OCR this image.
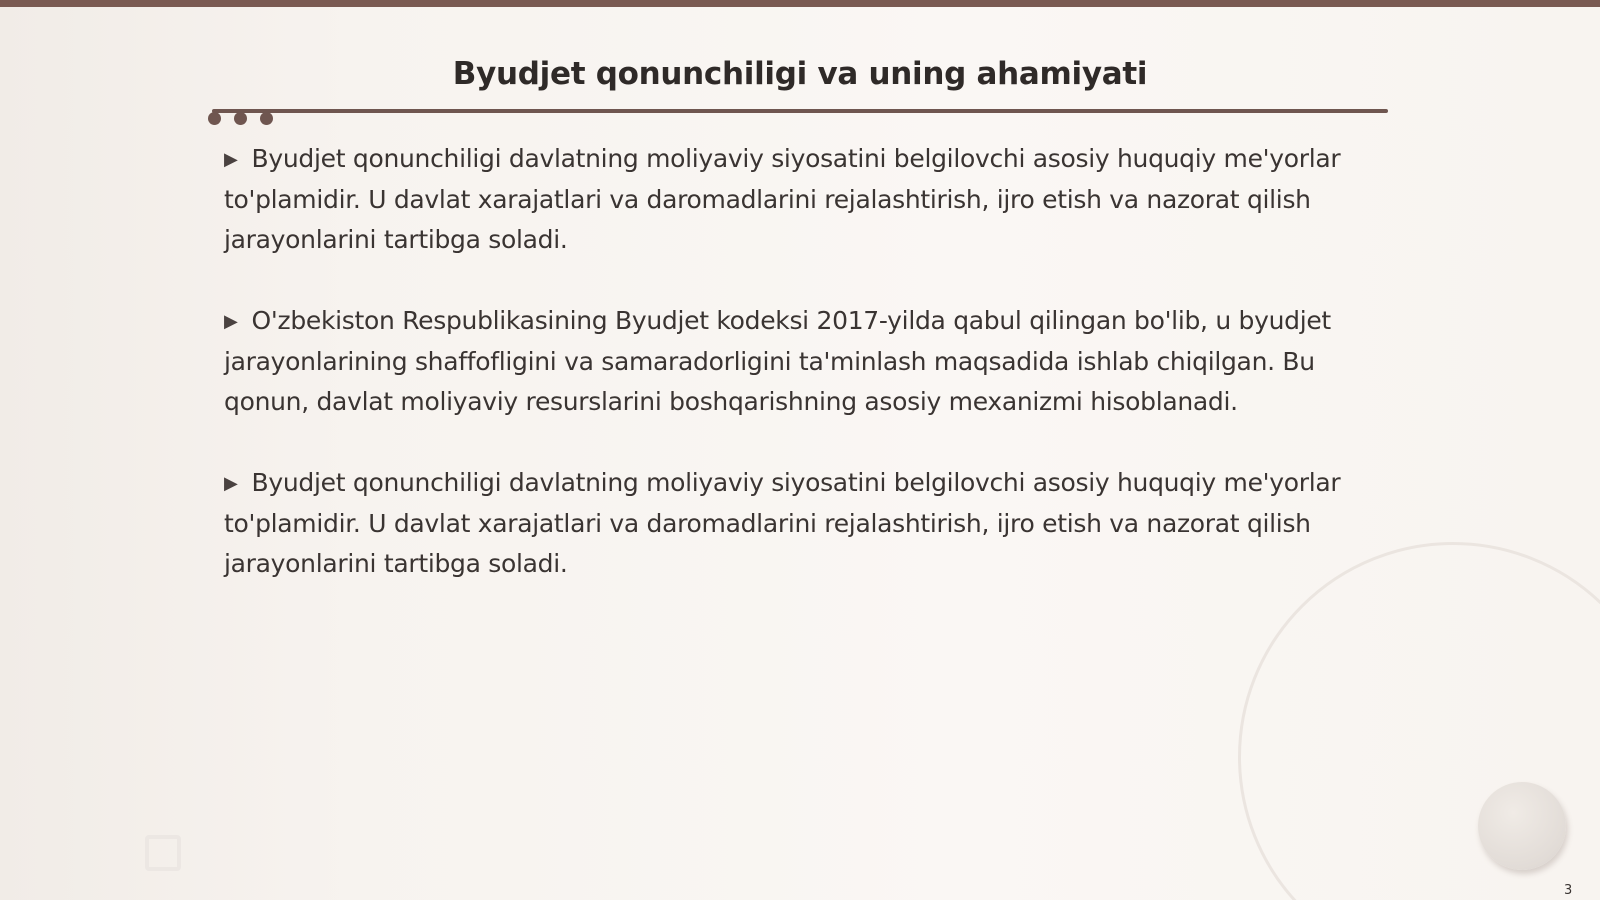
Byudjet qonunchiligi va uning ahamiyati

▶ Byudjet qonunchiligi davlatning moliyaviy siyosatini belgilovchi asosiy huquqiy me'yorlar to'plamidir. U davlat xarajatlari va daromadlarini rejalashtirish, ijro etish va nazorat qilish jarayonlarini tartibga soladi.

▶ O'zbekiston Respublikasining Byudjet kodeksi 2017-yilda qabul qilingan bo'lib, u byudjet jarayonlarining shaffofligini va samaradorligini ta'minlash maqsadida ishlab chiqilgan. Bu qonun, davlat moliyaviy resurslarini boshqarishning asosiy mexanizmi hisoblanadi.

▶ Byudjet qonunchiligi davlatning moliyaviy siyosatini belgilovchi asosiy huquqiy me'yorlar to'plamidir. U davlat xarajatlari va daromadlarini rejalashtirish, ijro etish va nazorat qilish jarayonlarini tartibga soladi.

3
